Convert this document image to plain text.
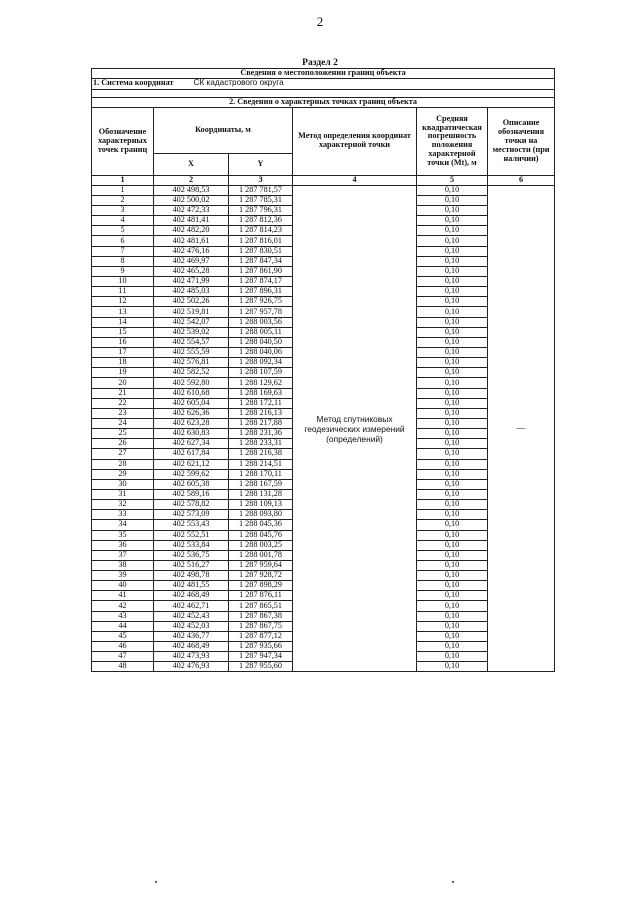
2
Раздел 2
Сведения о местоположении границ объекта					
1. Система координат СК кадастрового округа					

2. Сведения о характерных точках границ объекта					
Обозначение характерных точек границ	Координаты, м		Метод определения координат характерной точки	Средняя квадратическая погрешность положения характерной точки (Mt), м	Описание обозначения точки на местности (при наличии)
	X	Y			
1	2	3	4	5	6
1	402 498,53	1 287 781,57	Метод спутниковых геодезических измерений (определений)	0,10	—
2	402 500,02	1 287 785,31		0,10	
3	402 472,33	1 287 796,31		0,10	
4	402 481,41	1 287 812,36		0,10	
5	402 482,20	1 287 814,23		0,10	
6	402 481,61	1 287 816,01		0,10	
7	402 476,16	1 287 830,51		0,10	
8	402 469,97	1 287 847,34		0,10	
9	402 465,28	1 287 861,90		0,10	
10	402 471,99	1 287 874,17		0,10	
11	402 485,03	1 287 896,31		0,10	
12	402 502,26	1 287 926,75		0,10	
13	402 519,81	1 287 957,78		0,10	
14	402 542,07	1 288 003,56		0,10	
15	402 539,02	1 288 005,11		0,10	
16	402 554,57	1 288 040,50		0,10	
17	402 555,59	1 288 040,06		0,10	
18	402 576,81	1 288 092,34		0,10	
19	402 582,52	1 288 107,59		0,10	
20	402 592,80	1 288 129,62		0,10	
21	402 610,68	1 288 169,63		0,10	
22	402 605,04	1 288 172,11		0,10	
23	402 626,36	1 288 216,13		0,10	
24	402 623,28	1 288 217,88		0,10	
25	402 630,83	1 288 231,36		0,10	
26	402 627,34	1 288 233,31		0,10	
27	402 617,84	1 288 216,38		0,10	
28	402 621,12	1 288 214,51		0,10	
29	402 599,62	1 288 170,11		0,10	
30	402 605,38	1 288 167,59		0,10	
31	402 589,16	1 288 131,28		0,10	
32	402 578,82	1 288 109,13		0,10	
33	402 573,09	1 288 093,80		0,10	
34	402 553,43	1 288 045,36		0,10	
35	402 552,51	1 288 045,76		0,10	
36	402 533,84	1 288 003,25		0,10	
37	402 536,75	1 288 001,78		0,10	
38	402 516,27	1 287 959,64		0,10	
39	402 498,78	1 287 928,72		0,10	
40	402 481,55	1 287 898,29		0,10	
41	402 468,49	1 287 876,11		0,10	
42	402 462,71	1 287 865,51		0,10	
43	402 452,43	1 287 867,38		0,10	
44	402 452,03	1 287 867,75		0,10	
45	402 436,77	1 287 877,12		0,10	
46	402 468,49	1 287 935,66		0,10	
47	402 473,93	1 287 947,34		0,10	
48	402 476,93	1 287 955,60		0,10	
